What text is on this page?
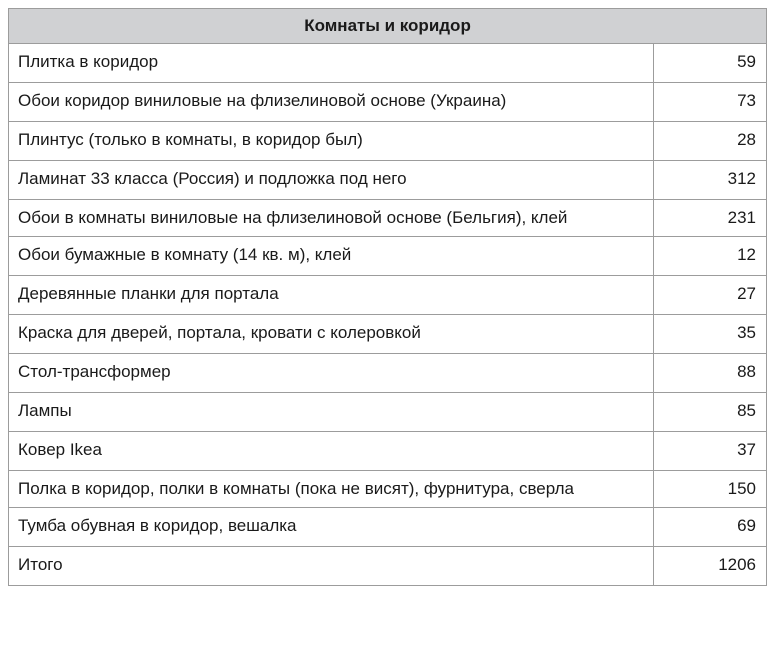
Комнаты и коридор	
Плитка в коридор	59
Обои коридор виниловые на флизелиновой основе (Украина)	73
Плинтус (только в комнаты, в коридор был)	28
Ламинат 33 класса (Россия) и подложка под него	312
Обои в комнаты виниловые на флизелиновой основе (Бельгия), клей	231
Обои бумажные в комнату (14 кв. м), клей	12
Деревянные планки для портала	27
Краска для дверей, портала, кровати с колеровкой	35
Стол-трансформер	88
Лампы	85
Ковер Ikea	37
Полка в коридор, полки в комнаты (пока не висят), фурнитура, сверла	150
Тумба обувная в коридор, вешалка	69
Итого	1206
